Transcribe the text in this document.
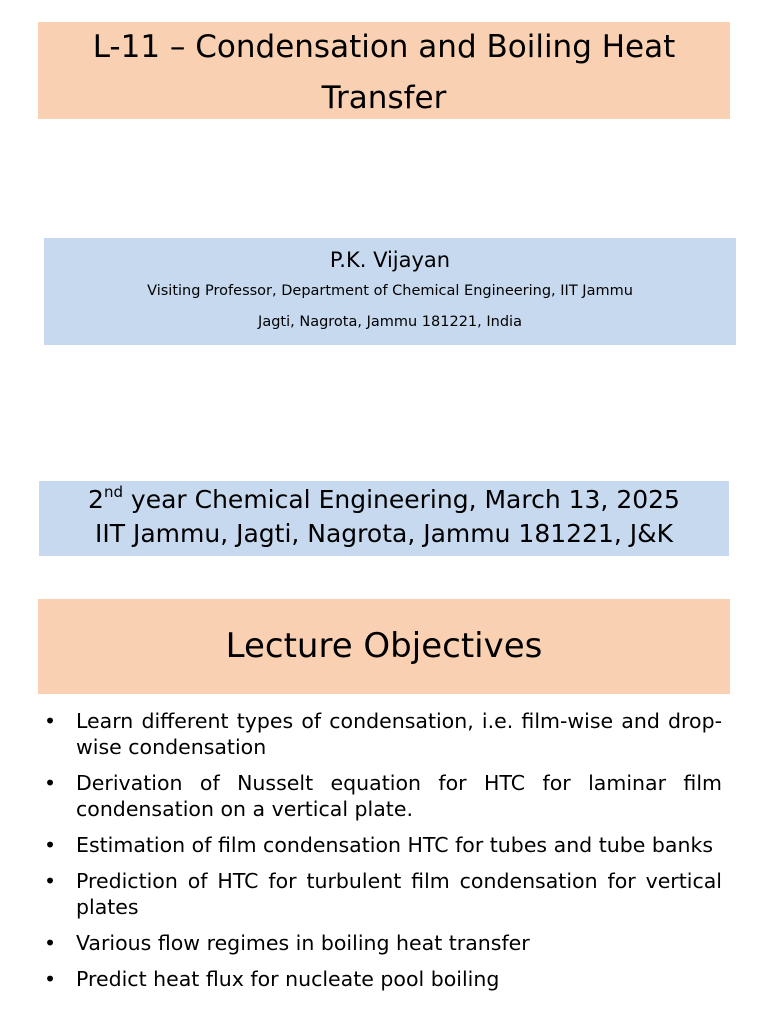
L-11 – Condensation and Boiling Heat Transfer
P.K. Vijayan
Visiting Professor, Department of Chemical Engineering, IIT Jammu
Jagti, Nagrota, Jammu 181221, India
2nd year Chemical Engineering, March 13, 2025
IIT Jammu, Jagti, Nagrota, Jammu 181221, J&K
Lecture Objectives
• Learn different types of condensation, i.e. film-wise and drop-wise condensation
• Derivation of Nusselt equation for HTC for laminar film condensation on a vertical plate.
• Estimation of film condensation HTC for tubes and tube banks
• Prediction of HTC for turbulent film condensation for vertical plates
• Various flow regimes in boiling heat transfer
• Predict heat flux for nucleate pool boiling
